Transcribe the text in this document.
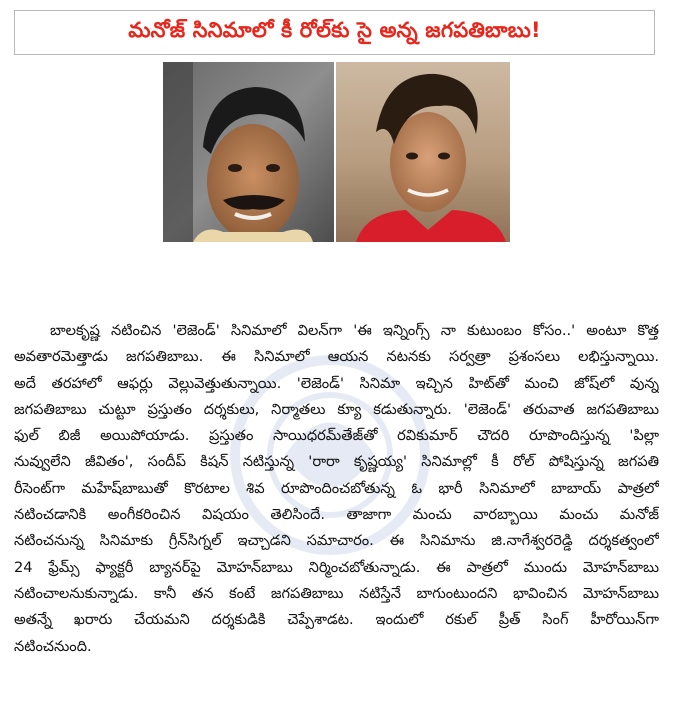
మనోజ్ సినిమాలో కీ రోల్‌కు సై అన్న జగపతిబాబు!
బాలకృష్ణ నటించిన 'లెజెండ్' సినిమాలో విలన్‌గా 'ఈ ఇన్నింగ్స్ నా కుటుంబం కోసం..' అంటూ కొత్త
అవతారమెత్తాడు జగపతిబాబు. ఈ సినిమాలో ఆయన నటనకు సర్వత్రా ప్రశంసలు లభిస్తున్నాయి.
అదే తరహాలో ఆఫర్లు వెల్లువెత్తుతున్నాయి. 'లెజెండ్' సినిమా ఇచ్చిన హిట్‌తో మంచి జోష్‌లో వున్న
జగపతిబాబు చుట్టూ ప్రస్తుతం దర్శకులు, నిర్మాతలు క్యూ కడుతున్నారు. 'లెజెండ్' తరువాత జగపతిబాబు
ఫుల్ బిజీ అయిపోయాడు. ప్రస్తుతం సాయిధరమ్‌తేజ్‌తో రవికుమార్ చౌదరి రూపొందిస్తున్న 'పిల్లా
నువ్వులేని జీవితం', సందీప్ కిషన్ నటిస్తున్న 'రారా కృష్ణయ్య' సినిమాల్లో కీ రోల్ పోషిస్తున్న జగపతి
రీసెంట్‌గా మహేష్‌బాబుతో కొరటాల శివ రూపొందించబోతున్న ఓ భారీ సినిమాలో బాబాయ్ పాత్రలో
నటించడానికి అంగీకరించిన విషయం తెలిసిందే. తాజాగా మంచు వారబ్బాయి మంచు మనోజ్
నటించనున్న సినిమాకు గ్రీన్‌సిగ్నల్ ఇచ్చాడని సమాచారం. ఈ సినిమాను జి.నాగేశ్వరరెడ్డి దర్శకత్వంలో
24 ఫ్రేమ్స్ ఫ్యాక్టరీ బ్యానర్‌పై మోహన్‌బాబు నిర్మించబోతున్నాడు. ఈ పాత్రలో ముందు మోహన్‌బాబు
నటించాలనుకున్నాడు. కానీ తన కంటే జగపతిబాబు నటిస్తేనే బాగుంటుందని భావించిన మోహన్‌బాబు
అతన్నే ఖరారు చేయమని దర్శకుడికి చెప్పేశాడట. ఇందులో రకుల్ ప్రీత్ సింగ్ హీరోయిన్‌గా
నటించనుంది.
